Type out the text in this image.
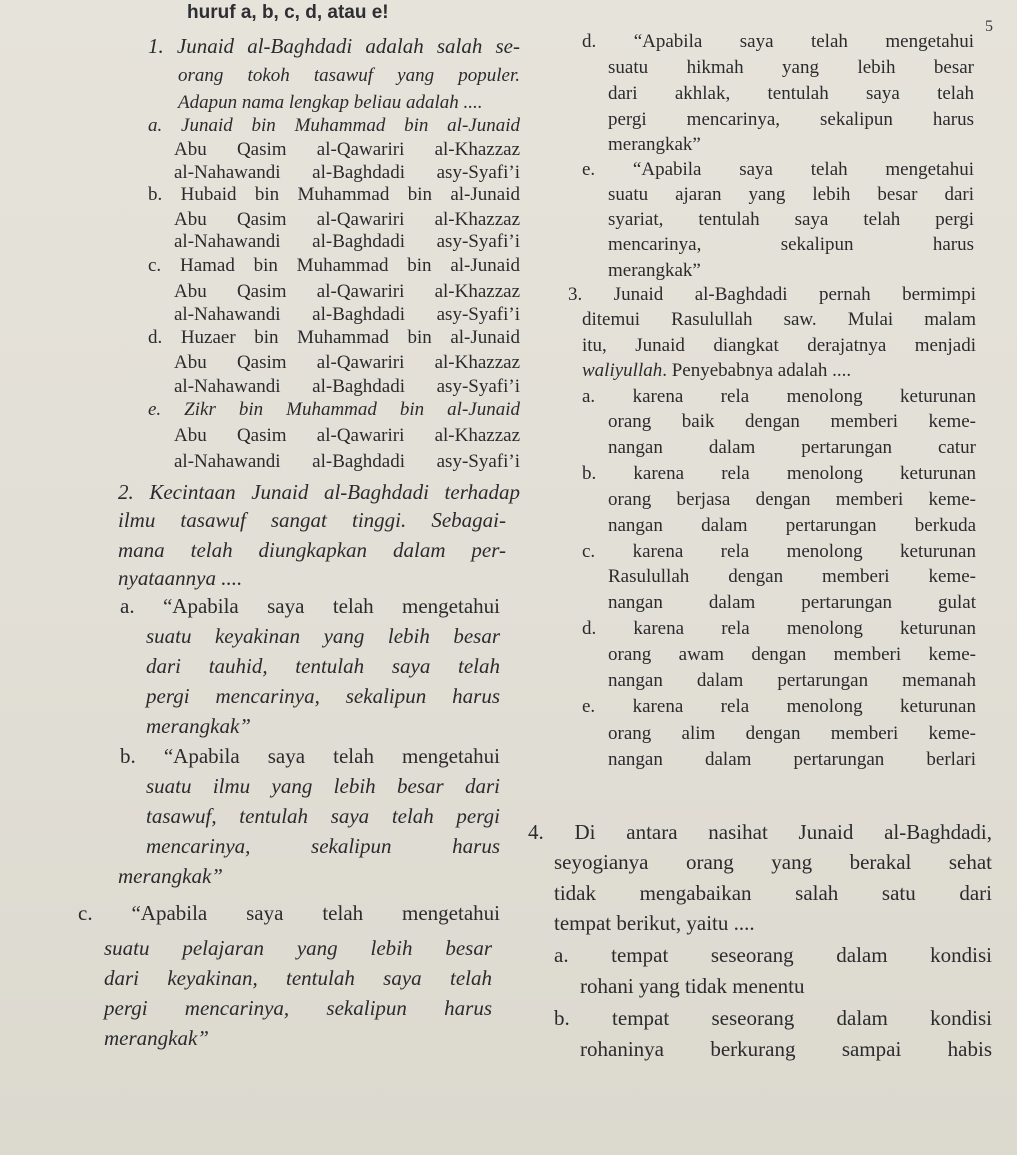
huruf a, b, c, d, atau e!
5
1. Junaid al-Baghdadi adalah salah se-
orang tokoh tasawuf yang populer.
Adapun nama lengkap beliau adalah ....
a. Junaid bin Muhammad bin al-Junaid
Abu Qasim al-Qawariri al-Khazzaz
al-Nahawandi al-Baghdadi asy-Syafi’i
b. Hubaid bin Muhammad bin al-Junaid
Abu Qasim al-Qawariri al-Khazzaz
al-Nahawandi al-Baghdadi asy-Syafi’i
c. Hamad bin Muhammad bin al-Junaid
Abu Qasim al-Qawariri al-Khazzaz
al-Nahawandi al-Baghdadi asy-Syafi’i
d. Huzaer bin Muhammad bin al-Junaid
Abu Qasim al-Qawariri al-Khazzaz
al-Nahawandi al-Baghdadi asy-Syafi’i
e. Zikr bin Muhammad bin al-Junaid
Abu Qasim al-Qawariri al-Khazzaz
al-Nahawandi al-Baghdadi asy-Syafi’i
2. Kecintaan Junaid al-Baghdadi terhadap
ilmu tasawuf sangat tinggi. Sebagai-
mana telah diungkapkan dalam per-
nyataannya ....
a. “Apabila saya telah mengetahui
suatu keyakinan yang lebih besar
dari tauhid, tentulah saya telah
pergi mencarinya, sekalipun harus
merangkak”
b. “Apabila saya telah mengetahui
suatu ilmu yang lebih besar dari
tasawuf, tentulah saya telah pergi
mencarinya, sekalipun harus
merangkak”
c. “Apabila saya telah mengetahui
suatu pelajaran yang lebih besar
dari keyakinan, tentulah saya telah
pergi mencarinya, sekalipun harus
merangkak”
d. “Apabila saya telah mengetahui
suatu hikmah yang lebih besar
dari akhlak, tentulah saya telah
pergi mencarinya, sekalipun harus
merangkak”
e. “Apabila saya telah mengetahui
suatu ajaran yang lebih besar dari
syariat, tentulah saya telah pergi
mencarinya, sekalipun harus
merangkak”
3. Junaid al-Baghdadi pernah bermimpi
ditemui Rasulullah saw. Mulai malam
itu, Junaid diangkat derajatnya menjadi
waliyullah. Penyebabnya adalah ....
a. karena rela menolong keturunan
orang baik dengan memberi keme-
nangan dalam pertarungan catur
b. karena rela menolong keturunan
orang berjasa dengan memberi keme-
nangan dalam pertarungan berkuda
c. karena rela menolong keturunan
Rasulullah dengan memberi keme-
nangan dalam pertarungan gulat
d. karena rela menolong keturunan
orang awam dengan memberi keme-
nangan dalam pertarungan memanah
e. karena rela menolong keturunan
orang alim dengan memberi keme-
nangan dalam pertarungan berlari
4. Di antara nasihat Junaid al-Baghdadi,
seyogianya orang yang berakal sehat
tidak mengabaikan salah satu dari
tempat berikut, yaitu ....
a. tempat seseorang dalam kondisi
rohani yang tidak menentu
b. tempat seseorang dalam kondisi
rohaninya berkurang sampai habis
